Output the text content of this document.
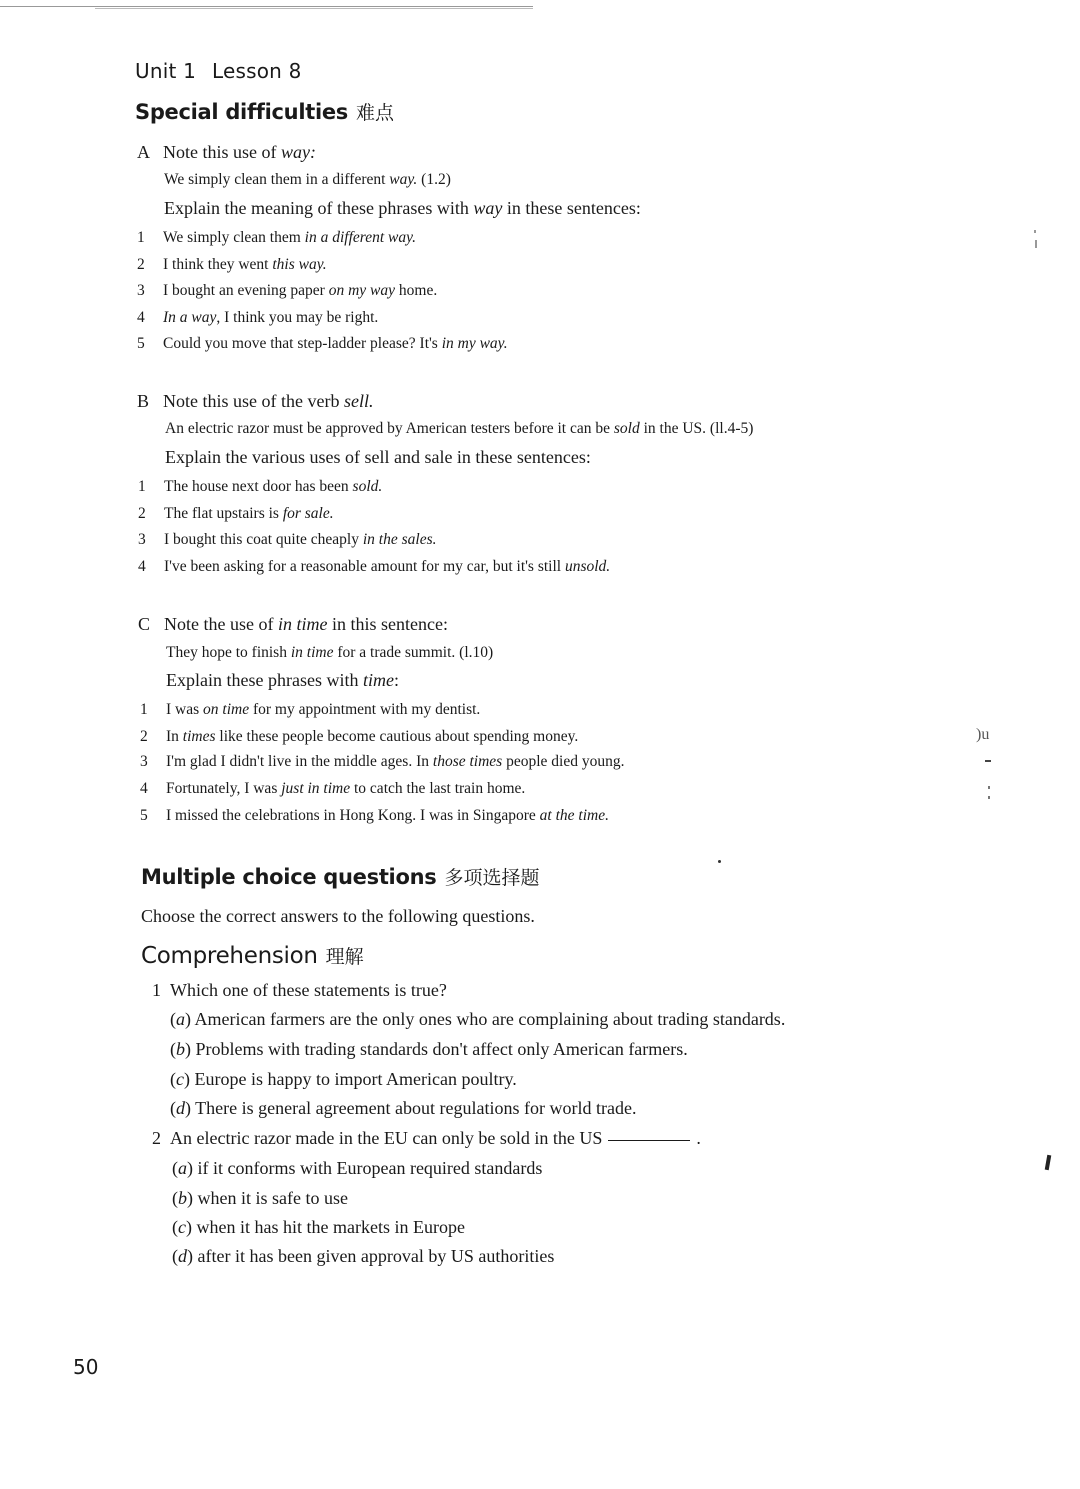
Unit 1 Lesson 8
Special difficulties 难点
A Note this use of way:
We simply clean them in a different way. (1.2)
Explain the meaning of these phrases with way in these sentences:
1 We simply clean them in a different way.
2 I think they went this way.
3 I bought an evening paper on my way home.
4 In a way, I think you may be right.
5 Could you move that step-ladder please? It's in my way.
B Note this use of the verb sell.
An electric razor must be approved by American testers before it can be sold in the US. (ll.4-5)
Explain the various uses of sell and sale in these sentences:
1 The house next door has been sold.
2 The flat upstairs is for sale.
3 I bought this coat quite cheaply in the sales.
4 I've been asking for a reasonable amount for my car, but it's still unsold.
C Note the use of in time in this sentence:
They hope to finish in time for a trade summit. (l.10)
Explain these phrases with time:
1 I was on time for my appointment with my dentist.
2 In times like these people become cautious about spending money.
3 I'm glad I didn't live in the middle ages. In those times people died young.
4 Fortunately, I was just in time to catch the last train home.
5 I missed the celebrations in Hong Kong. I was in Singapore at the time.
Multiple choice questions 多项选择题
Choose the correct answers to the following questions.
Comprehension 理解
1 Which one of these statements is true?
(a) American farmers are the only ones who are complaining about trading standards.
(b) Problems with trading standards don't affect only American farmers.
(c) Europe is happy to import American poultry.
(d) There is general agreement about regulations for world trade.
2 An electric razor made in the EU can only be sold in the US	.
(a) if it conforms with European required standards
(b) when it is safe to use
(c) when it has hit the markets in Europe
(d) after it has been given approval by US authorities
)u
50
